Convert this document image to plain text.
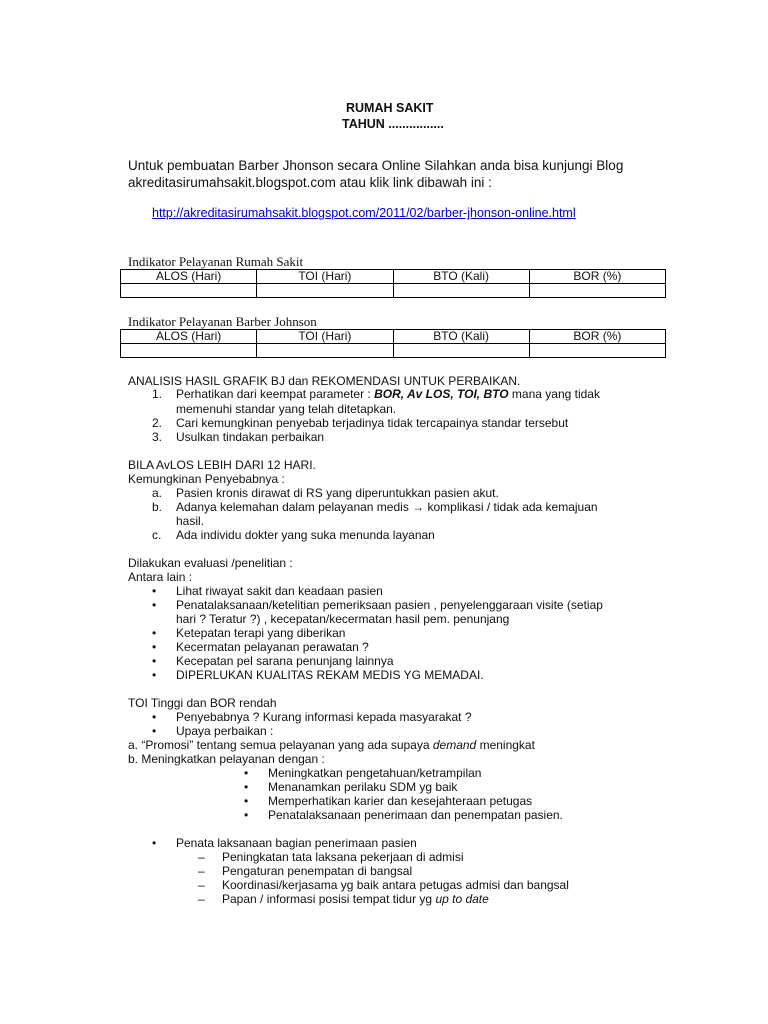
RUMAH SAKIT
TAHUN ................
Untuk pembuatan Barber Jhonson secara Online Silahkan anda bisa kunjungi Blog
akreditasirumahsakit.blogspot.com atau klik link dibawah ini :
http://akreditasirumahsakit.blogspot.com/2011/02/barber-jhonson-online.html
Indikator Pelayanan Rumah Sakit
ALOS (Hari)	TOI (Hari)	BTO (Kali)	BOR (%)

Indikator Pelayanan Barber Johnson
ALOS (Hari)	TOI (Hari)	BTO (Kali)	BOR (%)

ANALISIS HASIL GRAFIK BJ dan REKOMENDASI UNTUK PERBAIKAN.
1. Perhatikan dari keempat parameter : BOR, Av LOS, TOI, BTO mana yang tidak
memenuhi standar yang telah ditetapkan.
2. Cari kemungkinan penyebab terjadinya tidak tercapainya standar tersebut
3. Usulkan tindakan perbaikan
BILA AvLOS LEBIH DARI 12 HARI.
Kemungkinan Penyebabnya :
a. Pasien kronis dirawat di RS yang diperuntukkan pasien akut.
b. Adanya kelemahan dalam pelayanan medis → komplikasi / tidak ada kemajuan
hasil.
c. Ada individu dokter yang suka menunda layanan
Dilakukan evaluasi /penelitian :
Antara lain :
• Lihat riwayat sakit dan keadaan pasien
• Penatalaksanaan/ketelitian pemeriksaan pasien , penyelenggaraan visite (setiap
hari ? Teratur ?) , kecepatan/kecermatan hasil pem. penunjang
• Ketepatan terapi yang diberikan
• Kecermatan pelayanan perawatan ?
• Kecepatan pel sarana penunjang lainnya
• DIPERLUKAN KUALITAS REKAM MEDIS YG MEMADAI.
TOI Tinggi dan BOR rendah
• Penyebabnya ? Kurang informasi kepada masyarakat ?
• Upaya perbaikan :
a. “Promosi” tentang semua pelayanan yang ada supaya demand meningkat
b. Meningkatkan pelayanan dengan :
• Meningkatkan pengetahuan/ketrampilan
• Menanamkan perilaku SDM yg baik
• Memperhatikan karier dan kesejahteraan petugas
• Penatalaksanaan penerimaan dan penempatan pasien.
• Penata laksanaan bagian penerimaan pasien
– Peningkatan tata laksana pekerjaan di admisi
– Pengaturan penempatan di bangsal
– Koordinasi/kerjasama yg baik antara petugas admisi dan bangsal
– Papan / informasi posisi tempat tidur yg up to date
